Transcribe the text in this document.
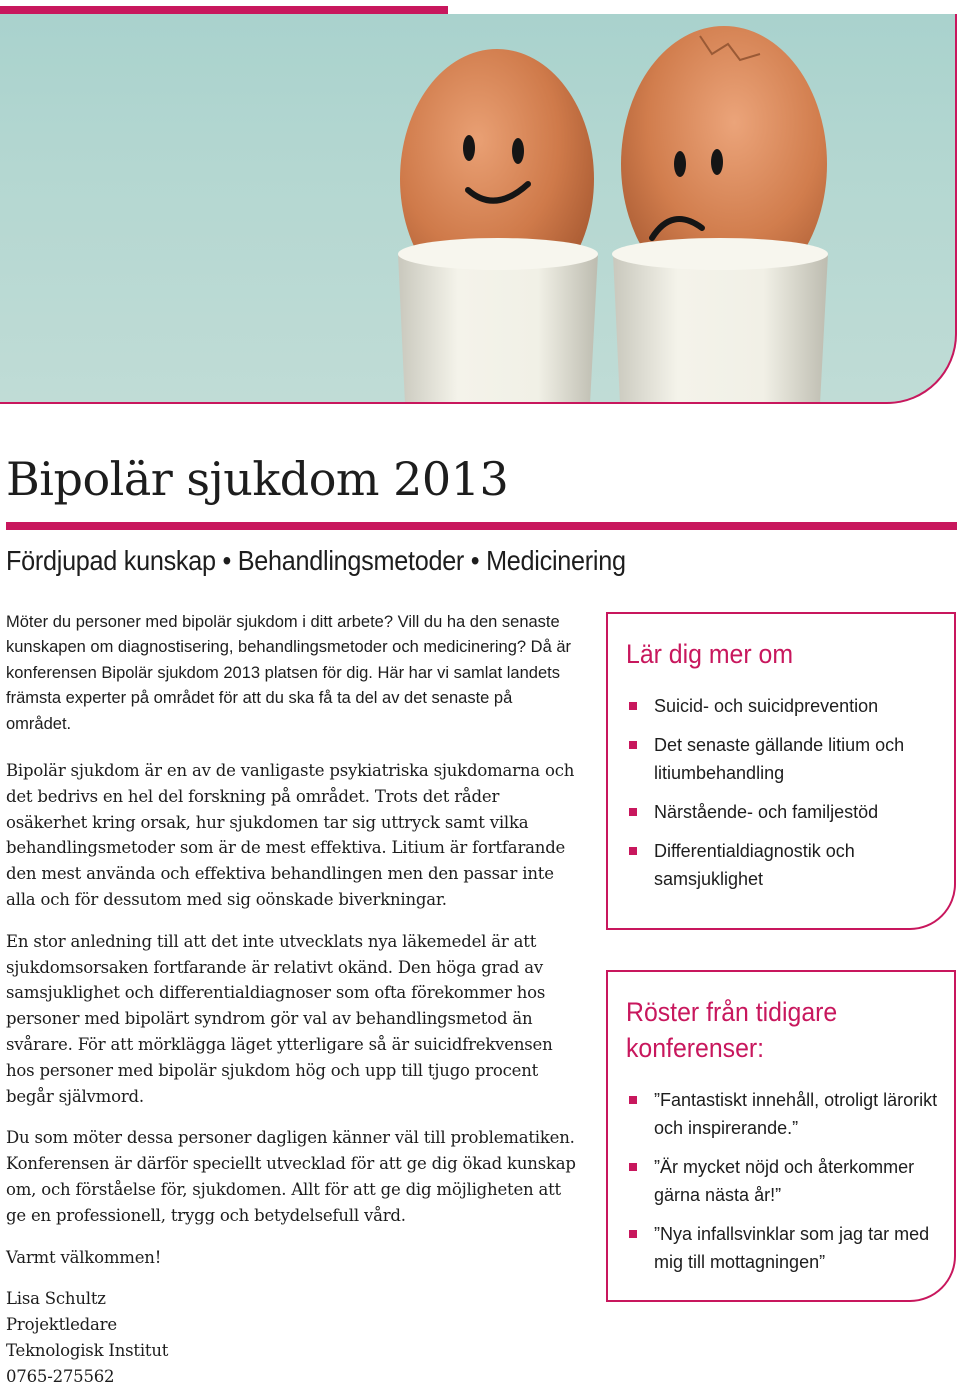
Bipolär sjukdom 2013
Fördjupad kunskap • Behandlingsmetoder • Medicinering

Möter du personer med bipolär sjukdom i ditt arbete? Vill du ha den senaste kunskapen om diagnostisering, behandlingsmetoder och medicinering? Då är konferensen Bipolär sjukdom 2013 platsen för dig. Här har vi samlat landets främsta experter på området för att du ska få ta del av det senaste på området.

Bipolär sjukdom är en av de vanligaste psykiatriska sjukdomarna och det bedrivs en hel del forskning på området. Trots det råder osäkerhet kring orsak, hur sjukdomen tar sig uttryck samt vilka behandlingsmetoder som är de mest effektiva. Litium är fortfarande den mest använda och effektiva behandlingen men den passar inte alla och för dessutom med sig oönskade biverkningar.

En stor anledning till att det inte utvecklats nya läkemedel är att sjukdomsorsaken fortfarande är relativt okänd. Den höga grad av samsjuklighet och differentialdiagnoser som ofta förekommer hos personer med bipolärt syndrom gör val av behandlingsmetod än svårare. För att mörklägga läget ytterligare så är suicidfrekvensen hos personer med bipolär sjukdom hög och upp till tjugo procent begår självmord.

Du som möter dessa personer dagligen känner väl till problematiken. Konferensen är därför speciellt utvecklad för att ge dig ökad kunskap om, och förståelse för, sjukdomen. Allt för att ge dig möjligheten att ge en professionell, trygg och betydelsefull vård.

Varmt välkommen!

Lisa Schultz

Projektledare

Teknologisk Institut

0765-275562

Lär dig mer om
Suicid- och suicidprevention
Det senaste gällande litium och litiumbehandling
Närstående- och familjestöd
Differentialdiagnostik och samsjuklighet
Röster från tidigare konferenser:
”Fantastiskt innehåll, otroligt lärorikt och inspirerande.”
”Är mycket nöjd och återkommer gärna nästa år!”
”Nya infallsvinklar som jag tar med mig till mottagningen”
